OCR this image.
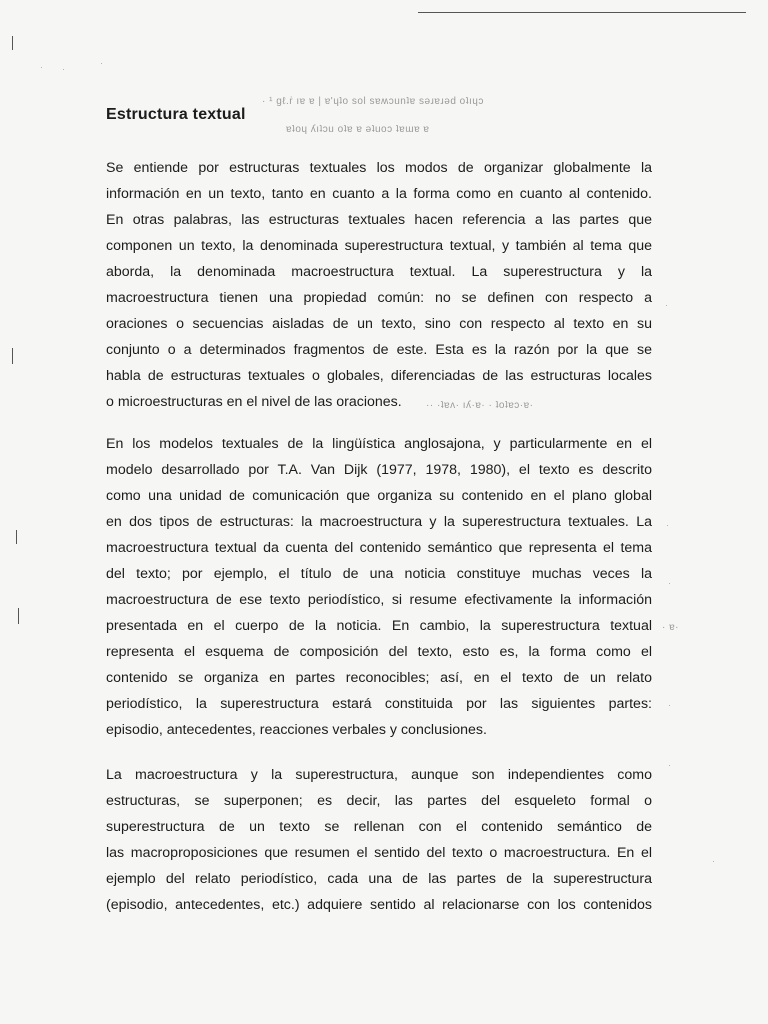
· ·
·
·
·
·
·
·
·
Estructura textual
· ¹ gℓ.ṙ ıɐ ɐ | ɐ'ɥʇo sol sɐʍɔunʇɐ sǝɹɐɹǝd oʇıɥɔ
ɐʇoɥ ʎıʇɔu oʇɐ ɐ ǝʇuoɔ ʇɐɯɐ ɐ
·· ·ʇɐʌ· ıʎ·ɐ· · ʇoʇɐɔ·ɐ·
· ɐ·
Se entiende por estructuras textuales los modos de organizar globalmente la
información en un texto, tanto en cuanto a la forma como en cuanto al contenido.
En otras palabras, las estructuras textuales hacen referencia a las partes que
componen un texto, la denominada superestructura textual, y también al tema que
aborda, la denominada macroestructura textual. La superestructura y la
macroestructura tienen una propiedad común: no se definen con respecto a
oraciones o secuencias aisladas de un texto, sino con respecto al texto en su
conjunto o a determinados fragmentos de este. Esta es la razón por la que se
habla de estructuras textuales o globales, diferenciadas de las estructuras locales
o microestructuras en el nivel de las oraciones.
En los modelos textuales de la lingüística anglosajona, y particularmente en el
modelo desarrollado por T.A. Van Dijk (1977, 1978, 1980), el texto es descrito
como una unidad de comunicación que organiza su contenido en el plano global
en dos tipos de estructuras: la macroestructura y la superestructura textuales. La
macroestructura textual da cuenta del contenido semántico que representa el tema
del texto; por ejemplo, el título de una noticia constituye muchas veces la
macroestructura de ese texto periodístico, si resume efectivamente la información
presentada en el cuerpo de la noticia. En cambio, la superestructura textual
representa el esquema de composición del texto, esto es, la forma como el
contenido se organiza en partes reconocibles; así, en el texto de un relato
periodístico, la superestructura estará constituida por las siguientes partes:
episodio, antecedentes, reacciones verbales y conclusiones.
La macroestructura y la superestructura, aunque son independientes como
estructuras, se superponen; es decir, las partes del esqueleto formal o
superestructura de un texto se rellenan con el contenido semántico de
las macroproposiciones que resumen el sentido del texto o macroestructura. En el
ejemplo del relato periodístico, cada una de las partes de la superestructura
(episodio, antecedentes, etc.) adquiere sentido al relacionarse con los contenidos
